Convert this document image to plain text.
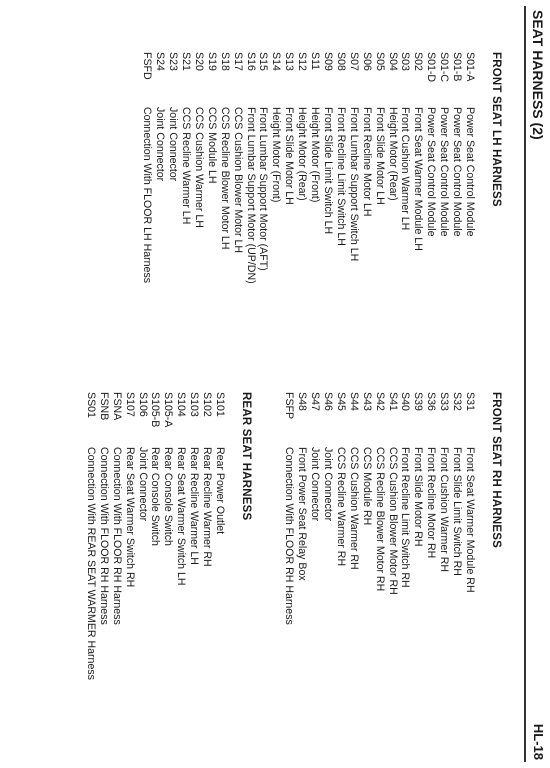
SEAT HARNESS (2)
HL-18
FRONT SEAT LH HARNESS
S01-A
Power Seat Control Module
S01-B
Power Seat Control Module
S01-C
Power Seat Control Module
S01-D
Power Seat Control Module
S02
Front Seat Warmer Module LH
S03
Front Cushion Warmer LH
S04
Height Motor (Rear)
S05
Front Slide Motor LH
S06
Front Recline Motor LH
S07
Front Lumbar Support Switch LH
S08
Front Recline Limit Switch LH
S09
Front Slide Limit Switch LH
S11
Height Motor (Front)
S12
Height Motor (Rear)
S13
Front Slide Motor LH
S14
Height Motor (Front)
S15
Front Lumbar Support Motor (AFT)
S16
Front Lumbar Support Motor (UP/DN)
S17
CCS Cushion Blower Motor LH
S18
CCS Recline Blower Motor LH
S19
CCS Module LH
S20
CCS Cushion Warmer LH
S21
CCS Recline Warmer LH
S23
Joint Connector
S24
Joint Connector
FSFD
Connection With FLOOR LH Harness
FRONT SEAT RH HARNESS
S31
Front Seat Warmer Module RH
S32
Front Slide Limit Switch RH
S33
Front Cushion Warmer RH
S36
Front Recline Motor RH
S39
Front Slide Motor RH
S40
Front Recline Limit Switch RH
S41
CCS Cushion Blower Motor RH
S42
CCS Recline Blower Motor RH
S43
CCS Module RH
S44
CCS Cushion Warmer RH
S45
CCS Recline Warmer RH
S46
Joint Connector
S47
Joint Connector
S48
Front Power Seat Relay Box
FSFP
Connection With FLOOR RH Harness
REAR SEAT HARNESS
S101
Rear Power Outlet
S102
Rear Recline Warmer RH
S103
Rear Recline Warmer LH
S104
Rear Seat Warmer Switch LH
S105-A
Rear Console Switch
S105-B
Rear Console Switch
S106
Joint Connector
S107
Rear Seat Warmer Switch RH
FSNA
Connection With FLOOR RH Harness
FSNB
Connection With FLOOR RH Harness
SS01
Connection With REAR SEAT WARMER Harness
